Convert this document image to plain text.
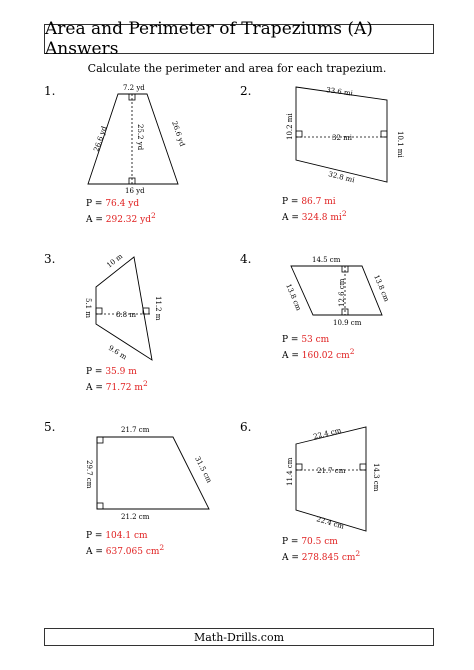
Area and Perimeter of Trapeziums (A) Answers
Calculate the perimeter and area for each trapezium.
1.	7.2 yd
16 yd
26.6 yd	26.6 yd
25.2 yd
P = 76.4 yd
A = 292.32 $yd^2$
2.	33.6 mi
32.8 mi
10.2 mi
10.1 mi
32 mi
P = 86.7 mi
A = 324.8 $mi^2$
3.	10 m
9.6 m
5.1 m	11.2 m
8.8 m
P = 35.9 m
A = 71.72 $m^2$
4.	14.5 cm
10.9 cm
13.8 cm	13.8 cm
12.6 cm
P = 53 cm
A = 160.02 $cm^2$
5.	21.7 cm
21.2 cm
29.7 cm	31.5 cm
P = 104.1 cm
A = 637.065 $cm^2$
6.	22.4 cm
22.4 cm
11.4 cm	14.3 cm
21.7 cm
P = 70.5 cm
A = 278.845 $cm^2$
Math-Drills.com
